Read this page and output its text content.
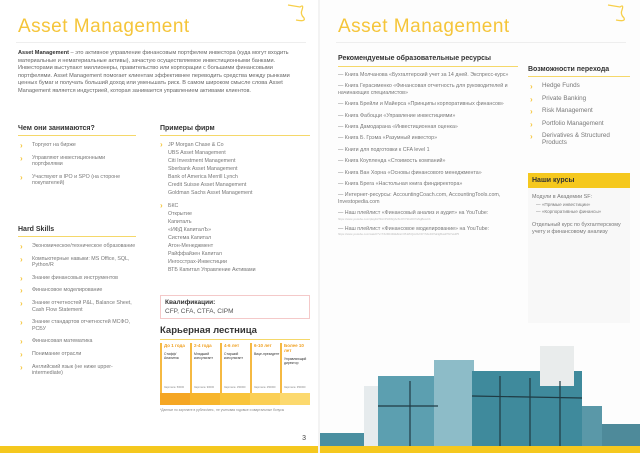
Asset Management

Asset Management – это активное управление финансовым портфелем инвестора (куда могут входить материальные и нематериальные активы), зачастую осуществляемое инвестиционными банками. Инвесторами выступают миллионеры, правительство или корпорации с большими финансовыми портфелями. Asset Management помогает клиентам эффективнее переводить средства между рынками ценных бумаг и получать больший доход или уменьшать риск. В самом широком смысле слова Asset Management является индустрией, которая занимается управлением активами клиентов.

Чем они занимаются?
› Торгуют на бирже
› Управляют инвестиционными портфелями
› Участвуют в IPO и SPO (на стороне покупателей)
Hard Skills
› Экономическое/техническое образование
› Компьютерные навыки: MS Office, SQL, Python/R
› Знание финансовых инструментов
› Финансовое моделирование
› Знание отчетностей P&L, Balance Sheet, Cash Flow Statement
› Знание стандартов отчетностей МСФО, РСБУ
› Финансовая математика
› Понимание отрасли
› Английский язык (не ниже upper-intermediate)
Примеры фирм
› JP Morgan Chase & Co
UBS Asset Management
Citi Investment Management
Sberbank Asset Management
Bank of America Merrill Lynch
Credit Suisse Asset Management
Goldman Sachs Asset Management
› БКС
Открытие
Капиталъ
«ИФД КапиталЪ»
Система Капитал
Атон-Менеджмент
Райффайзен Капитал
Ингосстрах-Инвестиции
ВТБ Капитал Управление Активами
Квалификации:
CFP, CFA, CTFA, CIPM
Карьерная лестница
До 1 года
Стафф/Аналитик
Зарплата: 50000
2-4 года
Младший консультант
Зарплата: 90000
4-6 лет
Старший консультант
Зарплата: 150000
6-10 лет
Вице-президент
Зарплата: 250000
Более 10 лет
Управляющий директор
Зарплата: 350000
*Данные по зарплате в рублях/мес., не учитывая годовые и квартальные бонусы
3
Asset Management
Рекомендуемые образовательные ресурсы
— Книга Молчанова «Бухгалтерский учет за 14 дней. Экспресс-курс»
— Книга Герасименко «Финансовая отчетность для руководителей и начинающих специалистов»
— Книга Брейли и Майерса «Принципы корпоративных финансов»
— Книга Фабоцци «Управление инвестициями»
— Книга Дамодарана «Инвестиционная оценка»
— Книга Б. Грэма «Разумный инвестор»
— Книги для подготовки к CFA level 1
— Книга Коупленда «Стоимость компаний»
— Книга Ван Хорна «Основы финансового менеджмента»
— Книга Брега «Настольная книга финдиректора»
— Интернет-ресурсы: AccountingCoach.com, AccountingTools.com, Investopedia.com
— Наш плейлист «Финансовый анализ и аудит» на YouTube:
https://www.youtube.com/playlist?list=PLWbQAc6vOhYSbxD07aNgBuwCb
— Наш плейлист «Финансовое моделирование» на YouTube:
https://www.youtube.com/watch?v=TZv6D4Rdk&list=PLWbQAc6vOhYSbxD07aNgBuwPW7wHP5
Возможности перехода
› Hedge Funds
› Private Banking
› Risk Management
› Portfolio Management
› Derivatives & Structured Products
Наши курсы
Модули в Академии SF:
— «Прямые инвестиции»
— «Корпоративные финансы»
Отдельный курс по бухгалтерскому учету и финансовому анализу
